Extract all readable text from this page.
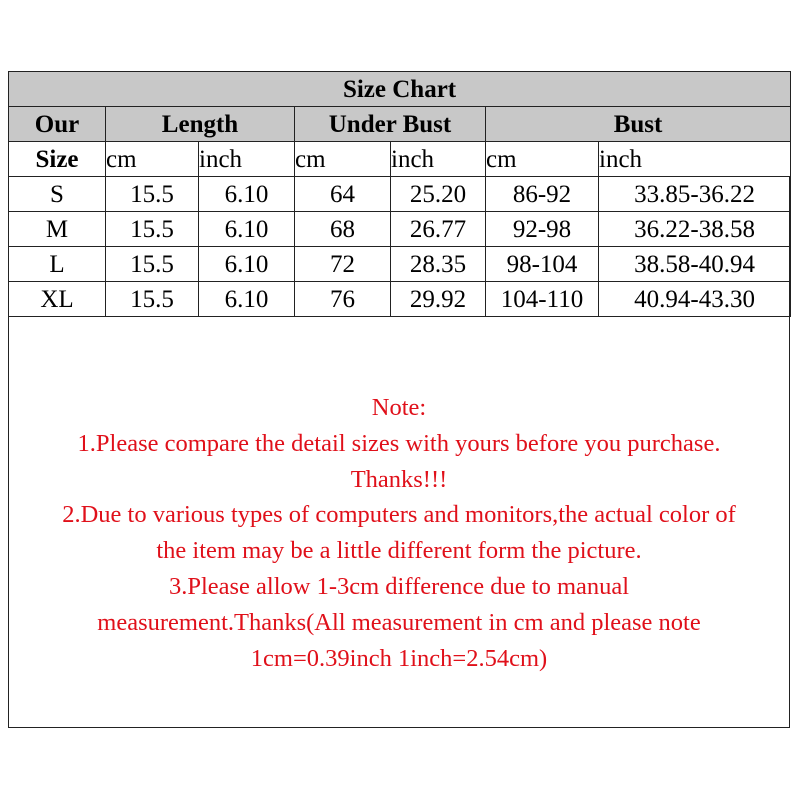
Size Chart						
Our	Length		Under Bust		Bust	
Size	cm	inch	cm	inch	cm	inch
S	15.5	6.10	64	25.20	86-92	33.85-36.22
M	15.5	6.10	68	26.77	92-98	36.22-38.58
L	15.5	6.10	72	28.35	98-104	38.58-40.94
XL	15.5	6.10	76	29.92	104-110	40.94-43.30
Note:
1.Please compare the detail sizes with yours before you purchase.
Thanks!!!
2.Due to various types of computers and monitors,the actual color of
the item may be a little different form the picture.
3.Please allow 1-3cm difference due to manual
measurement.Thanks(All measurement in cm and please note
1cm=0.39inch 1inch=2.54cm)
